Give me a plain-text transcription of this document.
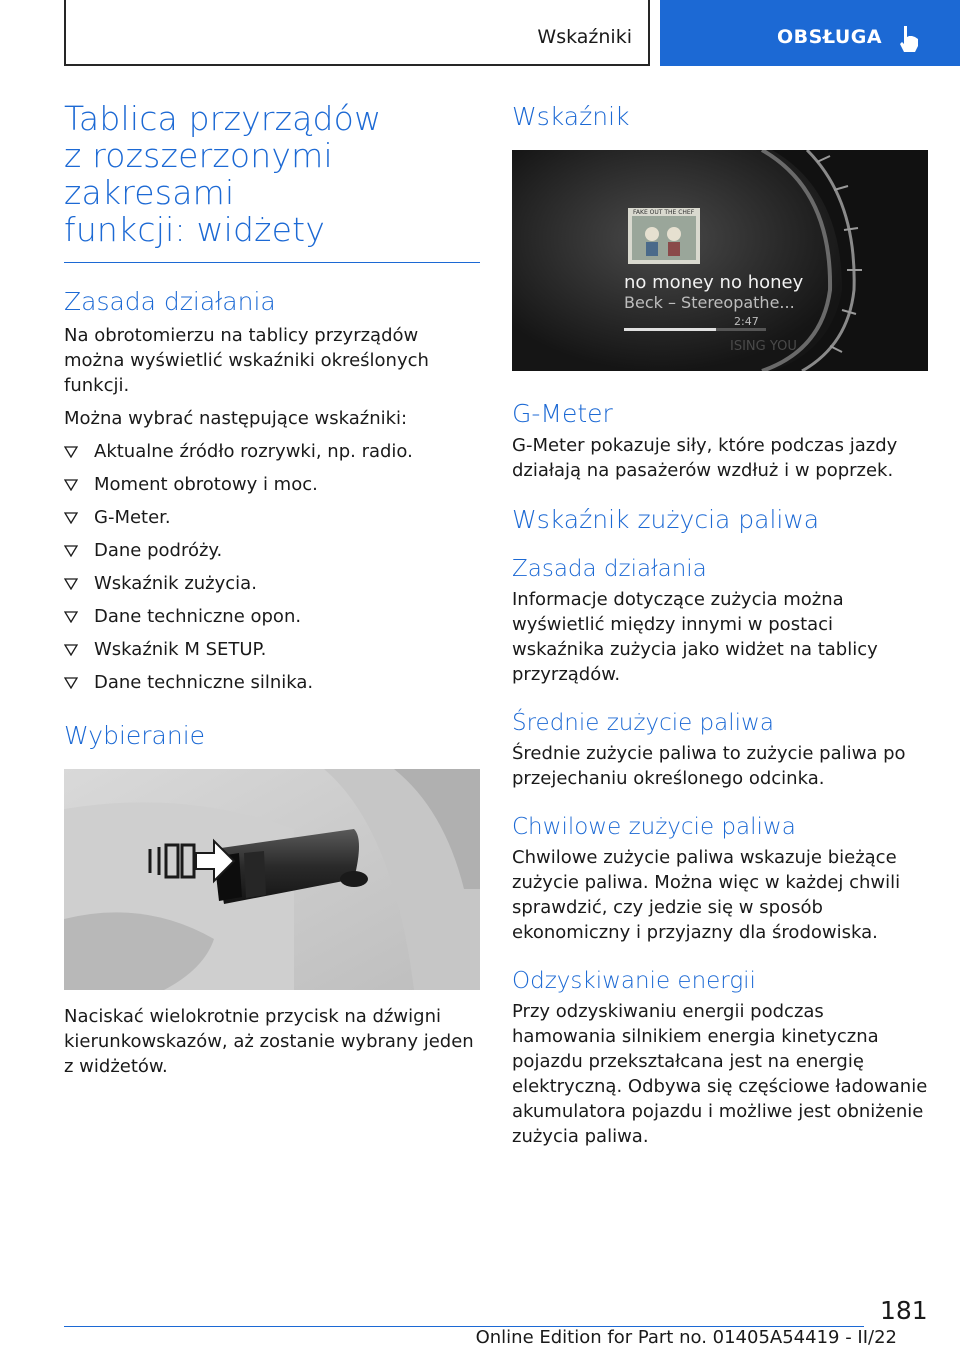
Wskaźniki	OBSŁUGA
Tablica przyrządów
z rozszerzonymi zakresami
funkcji: widżety
Zasada działania

Na obrotomierzu na tablicy przyrządów można wyświetlić wskaźniki określonych funkcji.

Można wybrać następujące wskaźniki:

Aktualne źródło rozrywki, np. radio.
Moment obrotowy i moc.
G-Meter.
Dane podróży.
Wskaźnik zużycia.
Dane techniczne opon.
Wskaźnik M SETUP.
Dane techniczne silnika.
Wybieranie

Naciskać wielokrotnie przycisk na dźwigni kierunkowskazów, aż zostanie wybrany jeden z widżetów.

Wskaźnik
FAKE OUT THE CHEF
no money no honey
Beck – Stereopathe...
2:47
ISING YOU
G-Meter

G-Meter pokazuje siły, które podczas jazdy działają na pasażerów wzdłuż i w poprzek.

Wskaźnik zużycia paliwa
Zasada działania

Informacje dotyczące zużycia można wyświetlić między innymi w postaci wskaźnika zużycia jako widżet na tablicy przyrządów.

Średnie zużycie paliwa

Średnie zużycie paliwa to zużycie paliwa po przejechaniu określonego odcinka.

Chwilowe zużycie paliwa

Chwilowe zużycie paliwa wskazuje bieżące zużycie paliwa. Można więc w każdej chwili sprawdzić, czy jedzie się w sposób ekonomiczny i przyjazny dla środowiska.

Odzyskiwanie energii

Przy odzyskiwaniu energii podczas hamowania silnikiem energia kinetyczna pojazdu przekształcana jest na energię elektryczną. Odbywa się częściowe ładowanie akumulatora pojazdu i możliwe jest obniżenie zużycia paliwa.

181
Online Edition for Part no. 01405A54419 - II/22
